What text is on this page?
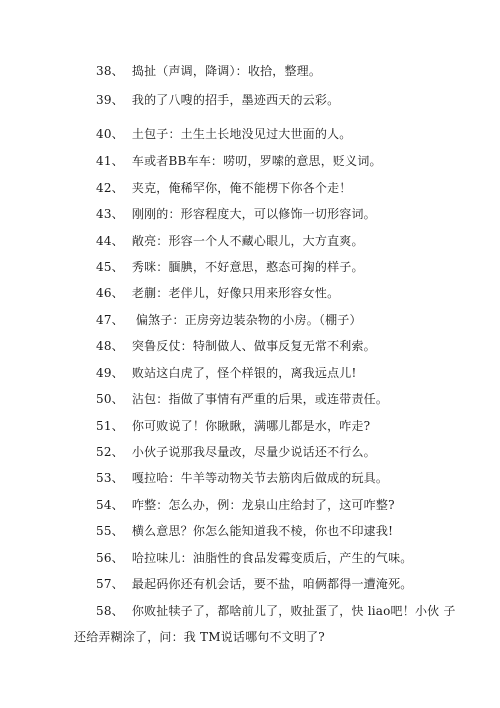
38、 捣扯（声调，降调）：收拾，整理。
39、 我的了八嗖的招手，墨迹西天的云彩。
40、 土包子：土生土长地没见过大世面的人。
41、 车或者BB车车：唠叨，罗嗦的意思，贬义词。
42、 夹克，俺稀罕你，俺不能楞下你各个走！
43、 刚刚的：形容程度大，可以修饰一切形容词。
44、 敞亮：形容一个人不藏心眼儿，大方直爽。
45、 秀咪：腼腆，不好意思，憨态可掬的样子。
46、 老蒯：老伴儿，好像只用来形容女性。
47、 偏煞子：正房旁边装杂物的小房。（棚子）
48、 突鲁反仗：特制做人、做事反复无常不利索。
49、 败站这白虎了，怪个样银的，离我远点儿!
50、 沾包：指做了事情有严重的后果，或连带责任。
51、 你可败说了！你瞅瞅，满哪儿都是水，咋走?
52、 小伙子说那我尽量改，尽量少说话还不行么。
53、 嘎拉哈：牛羊等动物关节去筋肉后做成的玩具。
54、 咋整：怎么办，例：龙泉山庄给封了，这可咋整?
55、 横么意思？你怎么能知道我不棱，你也不印逮我!
56、 哈拉味儿：油脂性的食品发霉变质后，产生的气味。
57、 最起码你还有机会话，要不盐，咱俩都得一遭淹死。
58、 你败扯犊子了，都啥前儿了，败扯蛋了，快 liao吧！小伙 子
还给弄糊涂了，问：我 TM说话哪句不文明了?
